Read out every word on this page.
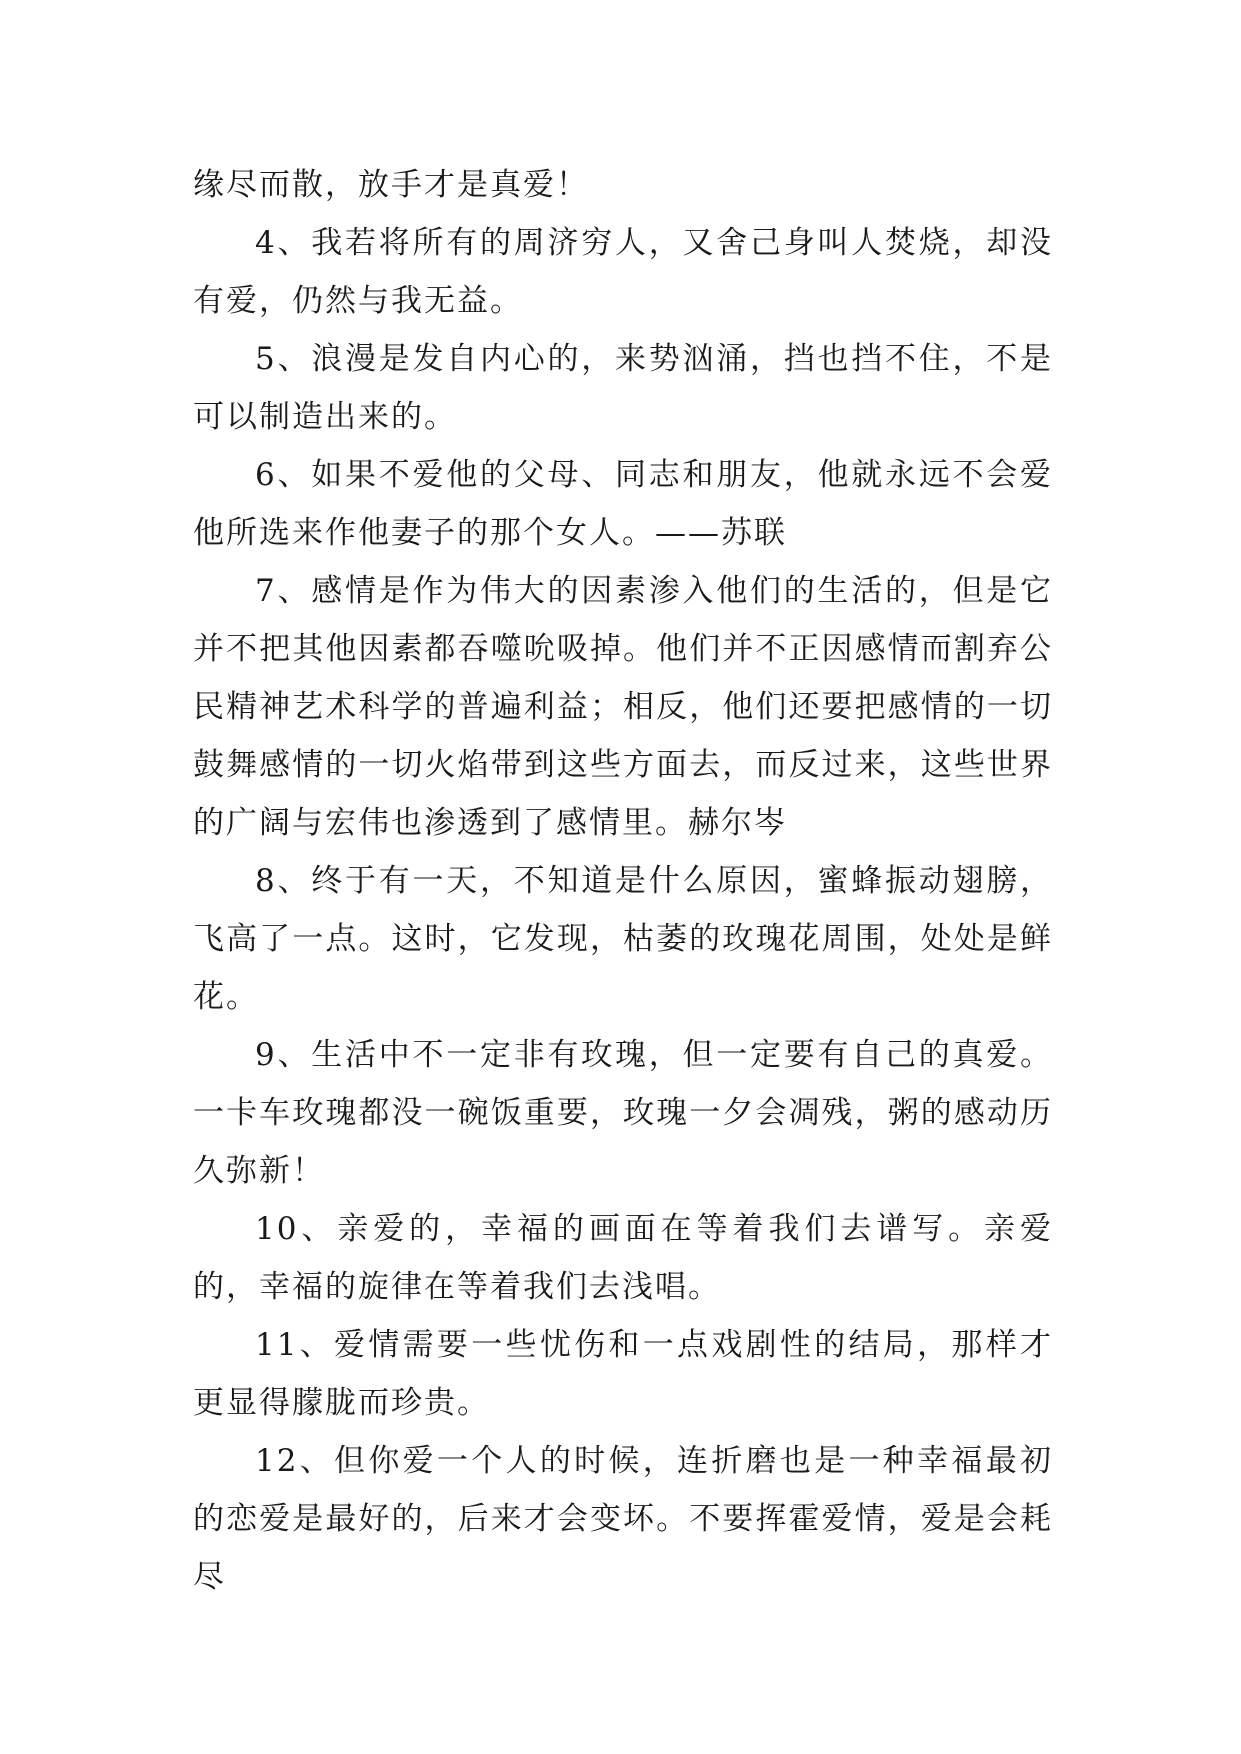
缘尽而散，放手才是真爱！

4、我若将所有的周济穷人，又舍己身叫人焚烧，却没有爱，仍然与我无益。

5、浪漫是发自内心的，来势汹涌，挡也挡不住，不是可以制造出来的。

6、如果不爱他的父母、同志和朋友，他就永远不会爱他所选来作他妻子的那个女人。——苏联

7、感情是作为伟大的因素渗入他们的生活的，但是它并不把其他因素都吞噬吮吸掉。他们并不正因感情而割弃公民精神艺术科学的普遍利益；相反，他们还要把感情的一切鼓舞感情的一切火焰带到这些方面去，而反过来，这些世界的广阔与宏伟也渗透到了感情里。赫尔岑

8、终于有一天，不知道是什么原因，蜜蜂振动翅膀，飞高了一点。这时，它发现，枯萎的玫瑰花周围，处处是鲜花。

9、生活中不一定非有玫瑰，但一定要有自己的真爱。一卡车玫瑰都没一碗饭重要，玫瑰一夕会凋残，粥的感动历久弥新！

10、亲爱的，幸福的画面在等着我们去谱写。亲爱的，幸福的旋律在等着我们去浅唱。

11、爱情需要一些忧伤和一点戏剧性的结局，那样才更显得朦胧而珍贵。

12、但你爱一个人的时候，连折磨也是一种幸福最初的恋爱是最好的，后来才会变坏。不要挥霍爱情，爱是会耗尽
